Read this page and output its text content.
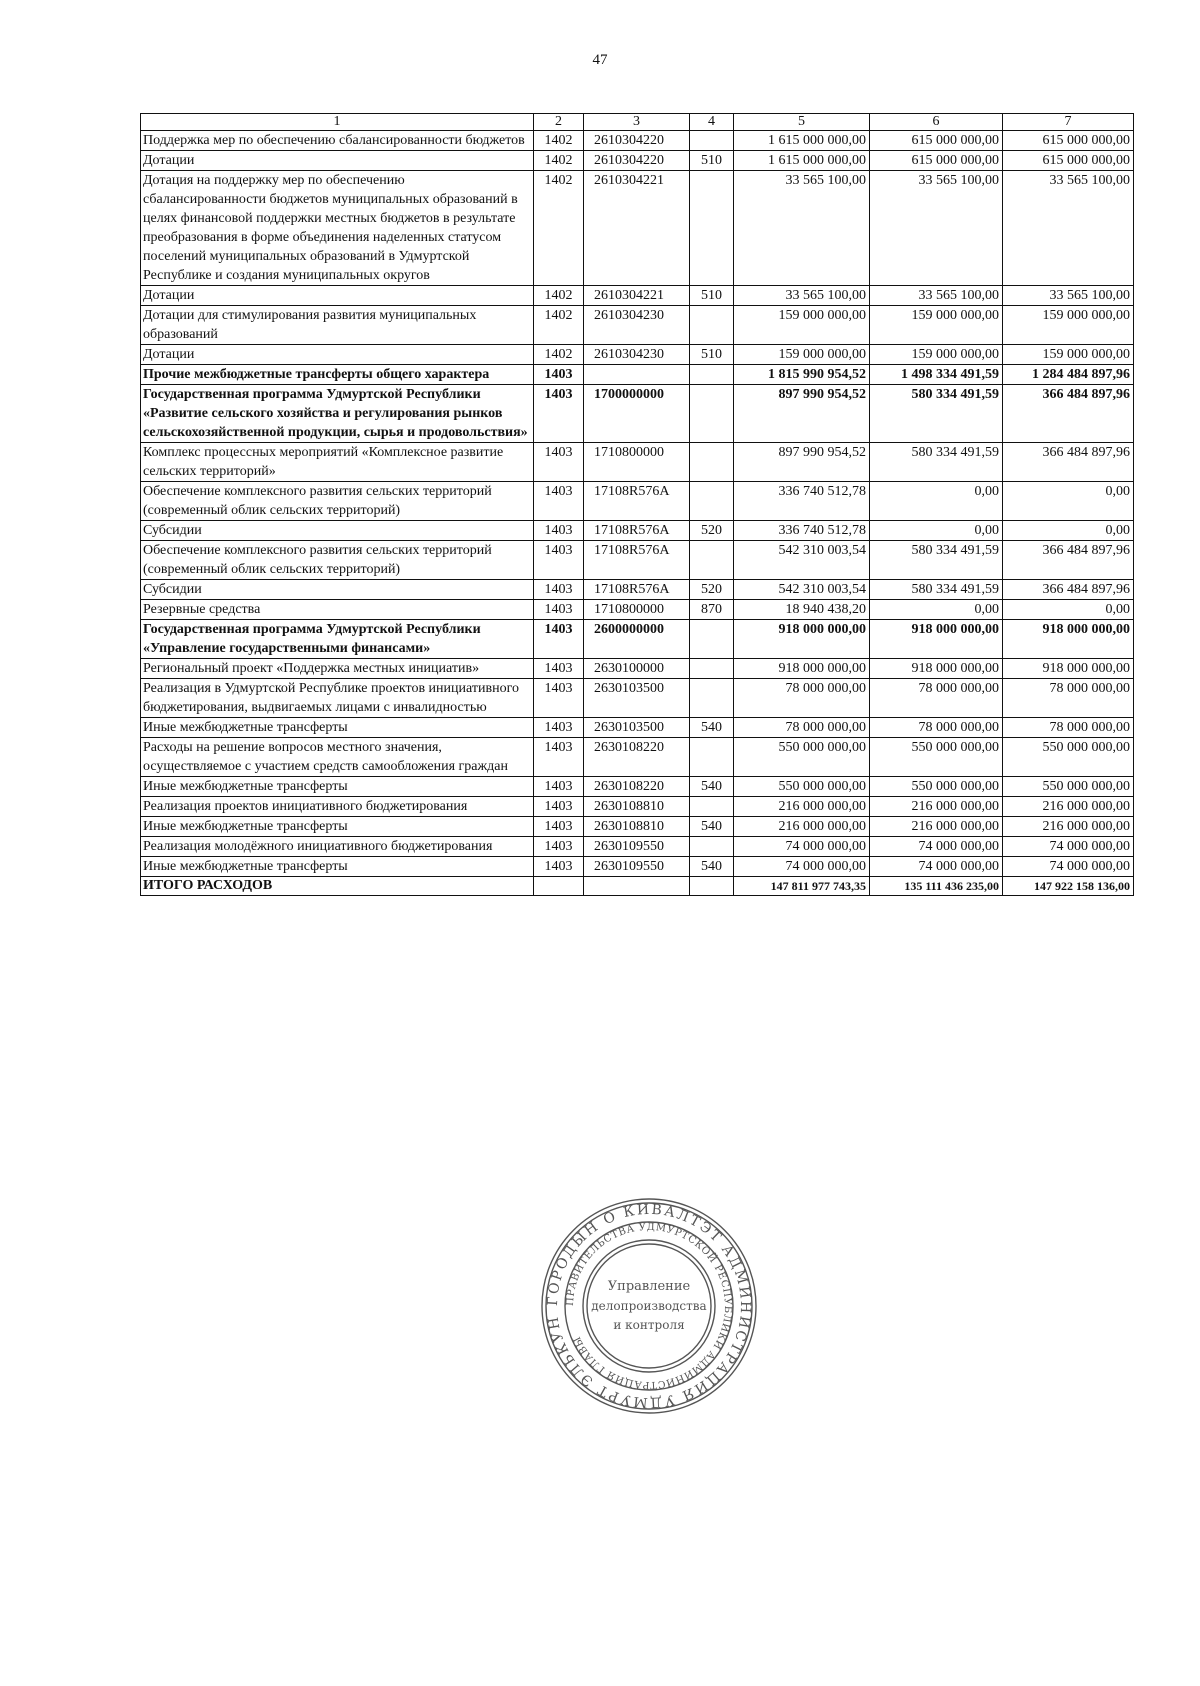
47
1	2	3	4	5	6	7
Поддержка мер по обеспечению сбалансированности бюджетов	1402	2610304220		1 615 000 000,00	615 000 000,00	615 000 000,00
Дотации	1402	2610304220	510	1 615 000 000,00	615 000 000,00	615 000 000,00
Дотация на поддержку мер по обеспечению сбалансированности бюджетов муниципальных образований в целях финансовой поддержки местных бюджетов в результате преобразования в форме объединения наделенных статусом поселений муниципальных образований в Удмуртской Республике и создания муниципальных округов	1402	2610304221		33 565 100,00	33 565 100,00	33 565 100,00
Дотации	1402	2610304221	510	33 565 100,00	33 565 100,00	33 565 100,00
Дотации для стимулирования развития муниципальных образований	1402	2610304230		159 000 000,00	159 000 000,00	159 000 000,00
Дотации	1402	2610304230	510	159 000 000,00	159 000 000,00	159 000 000,00
Прочие межбюджетные трансферты общего характера	1403			1 815 990 954,52	1 498 334 491,59	1 284 484 897,96
Государственная программа Удмуртской Республики «Развитие сельского хозяйства и регулирования рынков сельскохозяйственной продукции, сырья и продовольствия»	1403	1700000000		897 990 954,52	580 334 491,59	366 484 897,96
Комплекс процессных мероприятий «Комплексное развитие сельских территорий»	1403	1710800000		897 990 954,52	580 334 491,59	366 484 897,96
Обеспечение комплексного развития сельских территорий (современный облик сельских территорий)	1403	17108R576A		336 740 512,78	0,00	0,00
Субсидии	1403	17108R576A	520	336 740 512,78	0,00	0,00
Обеспечение комплексного развития сельских территорий (современный облик сельских территорий)	1403	17108R576A		542 310 003,54	580 334 491,59	366 484 897,96
Субсидии	1403	17108R576A	520	542 310 003,54	580 334 491,59	366 484 897,96
Резервные средства	1403	1710800000	870	18 940 438,20	0,00	0,00
Государственная программа Удмуртской Республики «Управление государственными финансами»	1403	2600000000		918 000 000,00	918 000 000,00	918 000 000,00
Региональный проект «Поддержка местных инициатив»	1403	2630100000		918 000 000,00	918 000 000,00	918 000 000,00
Реализация в Удмуртской Республике проектов инициативного бюджетирования, выдвигаемых лицами с инвалидностью	1403	2630103500		78 000 000,00	78 000 000,00	78 000 000,00
Иные межбюджетные трансферты	1403	2630103500	540	78 000 000,00	78 000 000,00	78 000 000,00
Расходы на решение вопросов местного значения, осуществляемое с участием средств самообложения граждан	1403	2630108220		550 000 000,00	550 000 000,00	550 000 000,00
Иные межбюджетные трансферты	1403	2630108220	540	550 000 000,00	550 000 000,00	550 000 000,00
Реализация проектов инициативного бюджетирования	1403	2630108810		216 000 000,00	216 000 000,00	216 000 000,00
Иные межбюджетные трансферты	1403	2630108810	540	216 000 000,00	216 000 000,00	216 000 000,00
Реализация молодёжного инициативного бюджетирования	1403	2630109550		74 000 000,00	74 000 000,00	74 000 000,00
Иные межбюджетные трансферты	1403	2630109550	540	74 000 000,00	74 000 000,00	74 000 000,00
ИТОГО РАСХОДОВ				147 811 977 743,35	135 111 436 235,00	147 922 158 136,00
ГОРОДЫН О КИВАЛТЭТ АДМИНИСТРАЦИЯ УДМУРТ ЭЛЬКУН
ПРАВИТЕЛЬСТВА УДМУРТСКОЙ РЕСПУБЛИКИ АДМИНИСТРАЦИЯ ГЛАВЫ
Управление
делопроизводства
и контроля
